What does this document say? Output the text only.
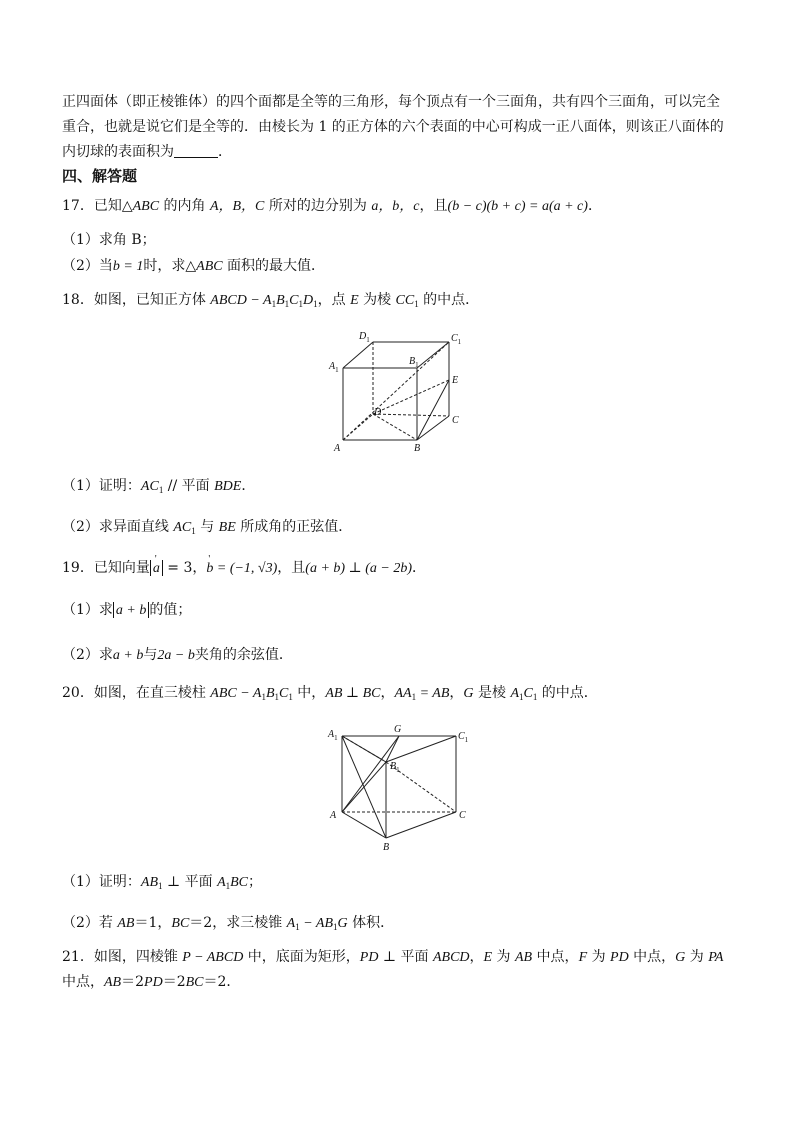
正四面体（即正棱锥体）的四个面都是全等的三角形，每个顶点有一个三面角，共有四个三面角，可以完全
重合，也就是说它们是全等的．由棱长为 1 的正方体的六个表面的中心可构成一正八面体，则该正八面体的
内切球的表面积为	．
四、解答题
17．已知△ABC 的内角 A，B，C 所对的边分别为 a，b，c，且(b − c)(b + c) = a(a + c)．
（1）求角 B；
（2）当b = 1时，求△ABC 面积的最大值．
18．如图，已知正方体 ABCD − $A_1B_1C_1D_1$，点 E 为棱 $CC_1$ 的中点．
$D_1$	$C_1$
$A_1$
$B_1$
E
D
C
A	B
（1）证明：$AC_1$ // 平面 BDE．
（2）求异面直线 $AC_1$ 与 BE 所成角的正弦值．
19．已知向量' a = 3，' b = (−1, √3)，且(a + b) ⊥ (a − 2b)．
（1）求 a + b 的值；
（2）求a + b与2a − b夹角的余弦值．
20．如图，在直三棱柱 ABC − $A_1B_1C_1$ 中，AB ⊥ BC，$AA_1$ = AB，G 是棱 $A_1C_1$ 的中点．
$A_1$
G
$C_1$
$B_1$
A	C
B
（1）证明：$AB_1$ ⊥ 平面 $A_1BC$；
（2）若 AB＝1，BC＝2，求三棱锥 $A_1 - AB_1G$ 体积．
21．如图，四棱锥 P − ABCD 中，底面为矩形，PD ⊥ 平面 ABCD，E 为 AB 中点，F 为 PD 中点，G 为 PA
中点，AB＝2PD＝2BC＝2．
